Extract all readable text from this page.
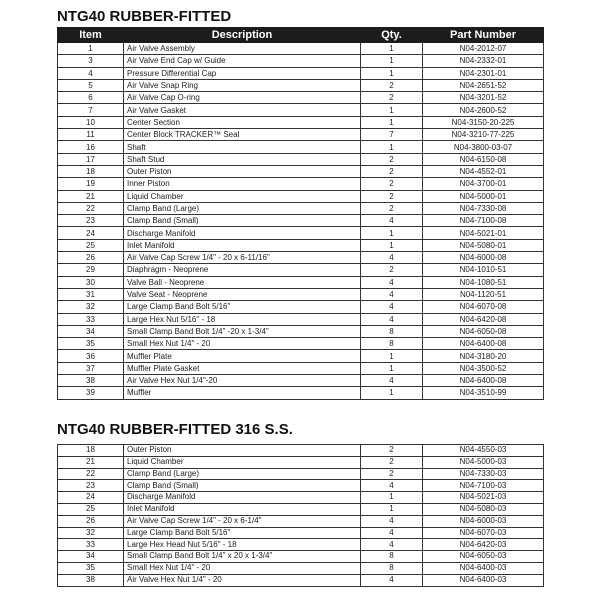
NTG40 RUBBER-FITTED
Item	Description	Qty.	Part Number
1	Air Valve Assembly	1	N04-2012-07
3	Air Valve End Cap w/ Guide	1	N04-2332-01
4	Pressure Differential Cap	1	N04-2301-01
5	Air Valve Snap Ring	2	N04-2651-52
6	Air Valve Cap O-ring	2	N04-3201-52
7	Air Valve Gasket	1	N04-2600-52
10	Center Section	1	N04-3150-20-225
11	Center Block TRACKER™ Seal	7	N04-3210-77-225
16	Shaft	1	N04-3800-03-07
17	Shaft Stud	2	N04-6150-08
18	Outer Piston	2	N04-4552-01
19	Inner Piston	2	N04-3700-01
21	Liquid Chamber	2	N04-5000-01
22	Clamp Band (Large)	2	N04-7330-08
23	Clamp Band (Small)	4	N04-7100-08
24	Discharge Manifold	1	N04-5021-01
25	Inlet Manifold	1	N04-5080-01
26	Air Valve Cap Screw 1/4" - 20 x 6-11/16"	4	N04-6000-08
29	Diaphragm - Neoprene	2	N04-1010-51
30	Valve Ball - Neoprene	4	N04-1080-51
31	Valve Seat - Neoprene	4	N04-1120-51
32	Large Clamp Band Bolt 5/16"	4	N04-6070-08
33	Large Hex Nut 5/16" - 18	4	N04-6420-08
34	Small Clamp Band Bolt 1/4" -20 x 1-3/4"	8	N04-6050-08
35	Small Hex Nut 1/4" - 20	8	N04-6400-08
36	Muffler Plate	1	N04-3180-20
37	Muffler Plate Gasket	1	N04-3500-52
38	Air Valve Hex Nut 1/4"-20	4	N04-6400-08
39	Muffler	1	N04-3510-99
NTG40 RUBBER-FITTED 316 S.S.
18	Outer Piston	2	N04-4550-03
21	Liquid Chamber	2	N04-5000-03
22	Clamp Band (Large)	2	N04-7330-03
23	Clamp Band (Small)	4	N04-7100-03
24	Discharge Manifold	1	N04-5021-03
25	Inlet Manifold	1	N04-5080-03
26	Air Valve Cap Screw 1/4" - 20 x 6-1/4"	4	N04-6000-03
32	Large Clamp Band Bolt 5/16"	4	N04-6070-03
33	Large Hex Head Nut 5/16" - 18	4	N04-6420-03
34	Small Clamp Band Bolt 1/4" x 20 x 1-3/4"	8	N04-6050-03
35	Small Hex Nut 1/4" - 20	8	N04-6400-03
38	Air Valve Hex Nut 1/4" - 20	4	N04-6400-03
